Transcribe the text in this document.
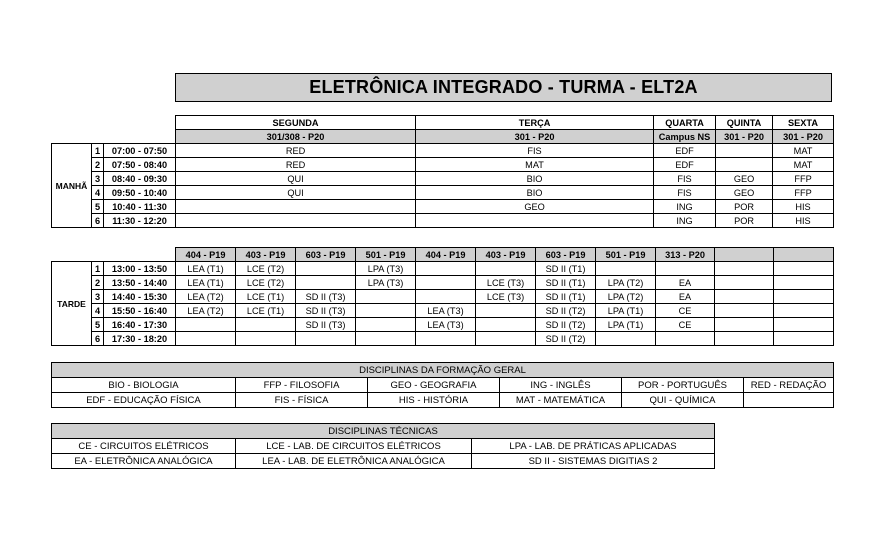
ELETRÔNICA INTEGRADO - TURMA - ELT2A
			SEGUNDA	TERÇA	QUARTA	QUINTA	SEXTA
			301/308 - P20	301 - P20	Campus NS	301 - P20	301 - P20
MANHÃ	1	07:00 - 07:50	RED	FIS	EDF		MAT
	2	07:50 - 08:40	RED	MAT	EDF		MAT
	3	08:40 - 09:30	QUI	BIO	FIS	GEO	FFP
	4	09:50 - 10:40	QUI	BIO	FIS	GEO	FFP
	5	10:40 - 11:30		GEO	ING	POR	HIS
	6	11:30 - 12:20			ING	POR	HIS
			404 - P19	403 - P19	603 - P19	501 - P19	404 - P19	403 - P19	603 - P19	501 - P19	313 - P20		
TARDE	1	13:00 - 13:50	LEA (T1)	LCE (T2)		LPA (T3)			SD II (T1)				
	2	13:50 - 14:40	LEA (T1)	LCE (T2)		LPA (T3)		LCE (T3)	SD II (T1)	LPA (T2)	EA		
	3	14:40 - 15:30	LEA (T2)	LCE (T1)	SD II (T3)			LCE (T3)	SD II (T1)	LPA (T2)	EA		
	4	15:50 - 16:40	LEA (T2)	LCE (T1)	SD II (T3)		LEA (T3)		SD II (T2)	LPA (T1)	CE		
	5	16:40 - 17:30			SD II (T3)		LEA (T3)		SD II (T2)	LPA (T1)	CE		
	6	17:30 - 18:20							SD II (T2)				
DISCIPLINAS DA FORMAÇÃO GERAL					
BIO - BIOLOGIA	FFP - FILOSOFIA	GEO - GEOGRAFIA	ING - INGLÊS	POR - PORTUGUÊS	RED - REDAÇÃO
EDF - EDUCAÇÃO FÍSICA	FIS - FÍSICA	HIS - HISTÓRIA	MAT - MATEMÁTICA	QUI - QUÍMICA	
DISCIPLINAS TÉCNICAS		
CE - CIRCUITOS ELÉTRICOS	LCE - LAB. DE CIRCUITOS ELÉTRICOS	LPA - LAB. DE PRÁTICAS APLICADAS
EA - ELETRÔNICA ANALÓGICA	LEA - LAB. DE ELETRÔNICA ANALÓGICA	SD II - SISTEMAS DIGITIAS 2
